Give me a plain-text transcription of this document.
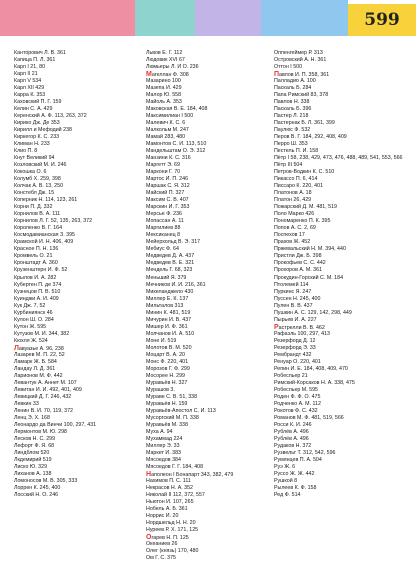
599
Канторович Л. В. 361
Капица П. Л. 361
Карл I 21, 80
Карл II 21
Карл V 534
Карл XII 429
Карра К. 353
Каховский П. Г. 159
Келин С. А. 429
Керенский А. Ф. 113, 263, 372
Кирико Дж. Де 353
Кирилл и Мефодий 238
Киркегор К. С. 233
Климан Н. 233
Клио П. 8
Кнут Великий 94
Козловский М. И. 246
Кокошка О. 6
Колумб Х. 259, 398
Колчак А. В. 13, 250
Констебл Дж. 15
Коперник Н. 114, 123, 261
Корни П. Д. 332
Корнилов В. А. 111
Корнилов Л. Г. 52, 135, 263, 372
Короленко В. Г. 164
Космодамианская З. 395
Крамской И. Н. 406, 409
Красное П. Н. 136
Кромвель О. 21
Кронштадт А. 360
Крузенштерн И. Ф. 52
Крылов И. А. 282
Кубертен П. де 374
Кузнецов П. В. 510
Куинджи А. И. 409
Кук Дж. 7, 52
Курбиниянск 46
Кулон Ш. О. 284
Кутон Ж. 595
Кутузов М. И. 344, 382
Кюхля Ж. 524
Лавуазье А. 96, 238
Лазарев М. П. 22, 52
Ламарк Ж. Б. 584
Ландау Л. Д. 361
Ларионов М. Ф. 442
Левантук А. Аннет М. 107
Левитан И. И. 492, 401, 409
Левицкий Д. Г. 246, 432
Левкин 33
Ленин В. И. 70, 119, 372
Ленц Э. Х. 168
Леонардо да Винчи 100, 297, 431
Лермонтов М. Ю. 298
Лесков Н. С. 299
Лефорт Ф. Я. 68
Линдблом 520
Лкдемирий 519
Лиско Ю. 329
Лиханов А. 138
Ломоносов М. В. 305, 333
Лоррен К. 245, 400
Лосский Н. О. 246
Львов Е. Г. 112
Людовик XVI 67
Люмьеры Л. И О. 236
Магеллан Ф. 308
Мазарино 100
Мазепа И. 429
Малор Ю. 558
Майоль А. 353
Маковская В. Е. 184, 408
Максимилиан I 500
Малевич К. С. 6
Малкольм М. 247
Мамай 283, 480
Мамонтов С. И. 113, 510
Мандельштам О. Э. 312
Манзини К. С. 316
Маргетт Э. 69
Маркони Г. 70
Мартос И. П. 246
Маршак С. Я. 312
Майский П. 327
Максим С. В. 407
Марскин И. Г. 353
Мерсье Ф. 236
Мопассан А. 11
Маргилиев 88
Мексиканец 8
Мейерхольд В. Э. 317
Мебиус Ф. 64
Медведев Д. А. 437
Медведев В. Е. 321
Мендель Г. 68, 323
Меньший Я. 379
Мечников И. И. 216, 361
Микеланджело 430
Миллер Е. К. 137
Мильталов 313
Минин К. 481, 519
Мичурин И. В. 437
Мишер И. Ф. 361
Молчанов И. А. 510
Моне И. 519
Молотов В. М. 520
Моцарт В. А. 20
Монс Ф. 220, 401
Морозов Г. Ф. 299
Мосорее Н. 299
Муравьёв Н. 327
Мурашов 3.
Мураве С. В. 51, 338
Муравьёв Н. 159
Муравьёв-Апостол С. И. 113
Мусоргский М. П. 338
Муравьёв М. 338
Муха А. 94
Мухаммад 224
Миллер Э. 33
Маркет И. 383
Мясоедов 384
Мясоедов Г. Г. 184, 408
Наполеон I Бонапарт 343, 382, 479
Нахимов П. С. 111
Некрасов Н. А. 352
Николай II 112, 372, 557
Ньютон И. 107, 265
Нобель А. Б. 361
Норрис И. 20
Нордшельд Н. Н. 20
Нуреев Р. Х. 171, 125
Огарев Н. П. 125
Океаниев 26
Олег (князь) 170, 480
Ом Г. С. 375
Оппенгеймер Р. 313
Островский А. Н. 361
Оттон I 500
Павлов И. П. 358, 361
Палладио А. 100
Паскаль Б. 284
Папа Римский 83, 378
Павлов Н. 338
Паскаль Б. 396
Пастер Л. 218
Пастернак Б. Л. 361, 399
Паулюс Ф. 532
Перов В. Г. 184, 292, 408, 409
Перро Ш. 353
Пестель П. И. 158
Пётр I 58, 238, 429, 473, 476, 488, 489, 541, 553, 566
Пётр III 504
Петров-Водкин К. С. 510
Пикассо П. 6, 414
Писсаро К. 220, 401
Платонов А. 18
Платон 26, 429
Пожарский Д. М. 481, 519
Поло Марко 426
Пономаренко П. К. 395
Попов А. С. 2, 69
Поспехов 17
Прахов Ж. 452
Пржевальский Н. М. 394, 440
Пристли Дж. Б. 398
Прокофьев С. С. 442
Прохоров А. М. 361
Прокудин-Горский С. М. 184
Птолемей 114
Пуркинс Я. 247
Пуссен Н. 245, 400
Пулен В. В. 437
Пушкин А. С. 129, 142, 298, 449
Пырьев И. А. 227
Растрелли В. В. 462
Рафаэль 100, 297, 413
Резерфорд Д. 12
Резерфорд Э. 33
Рембрандт 432
Ренуар О. 220, 401
Репин И. Е. 184, 408, 409, 470
Робеспьер 21
Римский-Корсаков Н. А. 338, 475
Робеспьер М. 595
Роден Ф. Ф. О. 475
Родченко А. М. 112
Рокотов Ф. С. 432
Романов М. Ф. 481, 519, 566
Росси К. И. 246
Рублёв А. 496
Рублёв А. 496
Рудаков Н. 372
Рузвельт Т. 312, 542, 596
Румянцев П. А. 504
Руэ Ж. 6
Руссо Ж. Ж. 442
Рушкой 8
Рылеев К. Ф. 158
Ред Ф. 514
